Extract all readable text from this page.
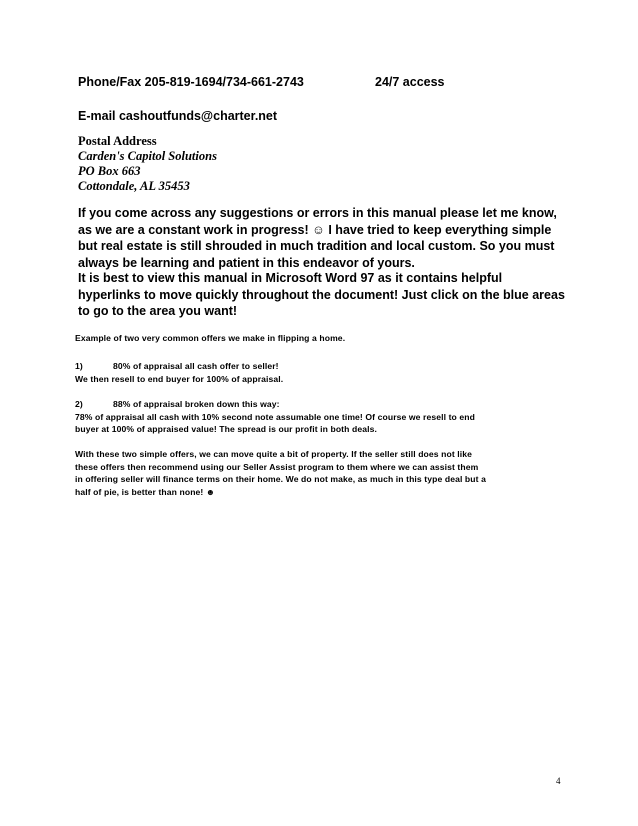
Phone/Fax 205-819-1694/734-661-2743	24/7 access
E-mail cashoutfunds@charter.net
Postal Address
Carden's Capitol Solutions
PO Box 663
Cottondale, AL 35453
If you come across any suggestions or errors in this manual please let me know, as we are a constant work in progress! ☺ I have tried to keep everything simple but real estate is still shrouded in much tradition and local custom. So you must always be learning and patient in this endeavor of yours.
It is best to view this manual in Microsoft Word 97 as it contains helpful hyperlinks to move quickly throughout the document! Just click on the blue areas to go to the area you want!
Example of two very common offers we make in flipping a home.
1)	80% of appraisal all cash offer to seller!
We then resell to end buyer for 100% of appraisal.
2)	88% of appraisal broken down this way:
78% of appraisal all cash with 10% second note assumable one time! Of course we resell to end
buyer at 100% of appraised value! The spread is our profit in both deals.
With these two simple offers, we can move quite a bit of property. If the seller still does not like
these offers then recommend using our Seller Assist program to them where we can assist them
in offering seller will finance terms on their home. We do not make, as much in this type deal but a
half of pie, is better than none! ☻
4
